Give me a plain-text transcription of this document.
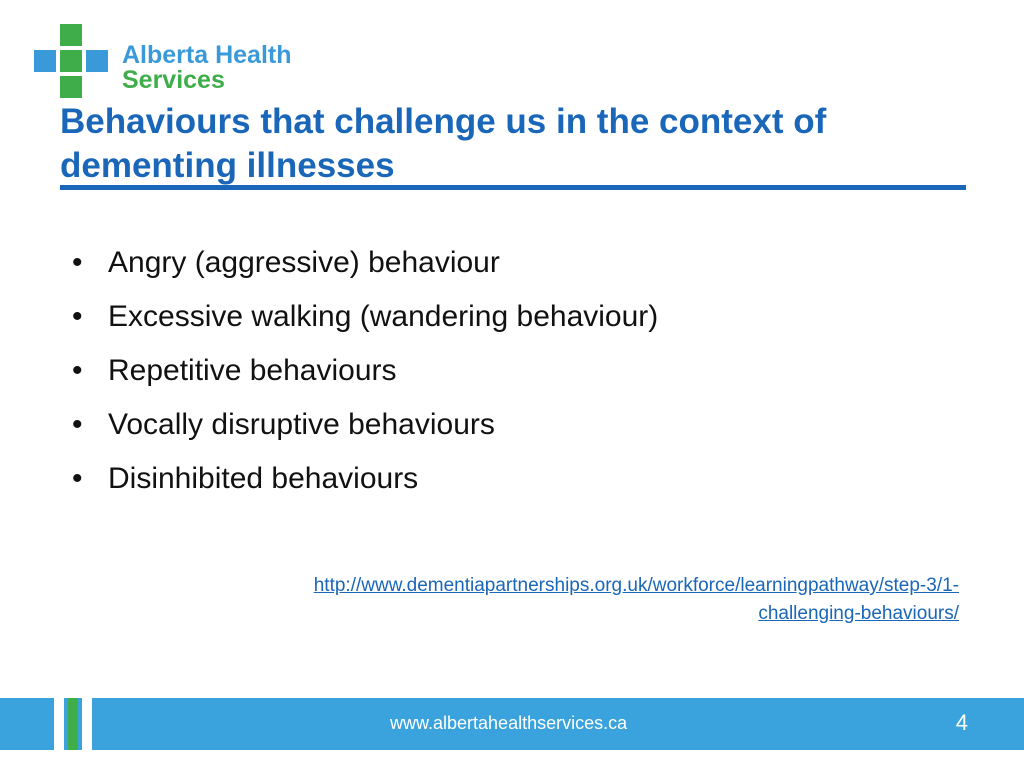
Alberta Health
Services
Behaviours that challenge us in the context of dementing illnesses
• Angry (aggressive) behaviour
• Excessive walking (wandering behaviour)
• Repetitive behaviours
• Vocally disruptive behaviours
• Disinhibited behaviours
http://www.dementiapartnerships.org.uk/workforce/learningpathway/step-3/1-
challenging-behaviours/
www.albertahealthservices.ca	4
